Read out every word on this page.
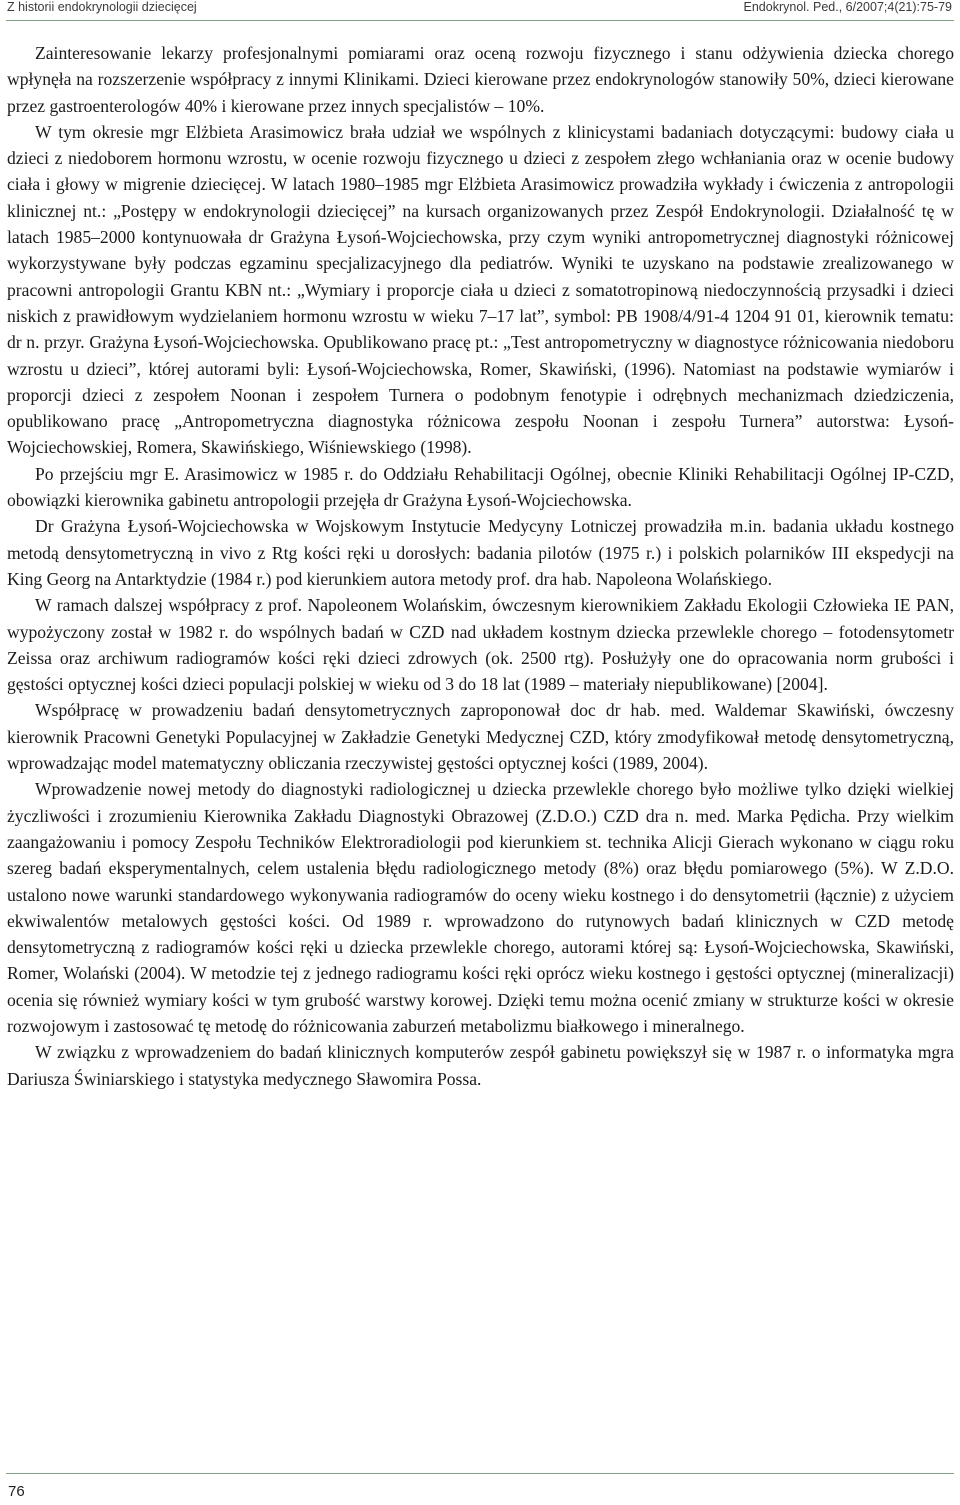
Z historii endokrynologii dziecięcej	Endokrynol. Ped., 6/2007;4(21):75-79

Zainteresowanie lekarzy profesjonalnymi pomiarami oraz oceną rozwoju fizycznego i stanu odżywienia dziecka chorego wpłynęła na rozszerzenie współpracy z innymi Klinikami. Dzieci kierowane przez endokrynologów stanowiły 50%, dzieci kierowane przez gastroenterologów 40% i kierowane przez innych specjalistów – 10%.

W tym okresie mgr Elżbieta Arasimowicz brała udział we wspólnych z klinicystami badaniach dotyczącymi: budowy ciała u dzieci z niedoborem hormonu wzrostu, w ocenie rozwoju fizycznego u dzieci z zespołem złego wchłaniania oraz w ocenie budowy ciała i głowy w migrenie dziecięcej. W latach 1980–1985 mgr Elżbieta Arasimowicz prowadziła wykłady i ćwiczenia z antropologii klinicznej nt.: „Postępy w endokrynologii dziecięcej” na kursach organizowanych przez Zespół Endokrynologii. Działalność tę w latach 1985–2000 kontynuowała dr Grażyna Łysoń-Wojciechowska, przy czym wyniki antropometrycznej diagnostyki różnicowej wykorzystywane były podczas egzaminu specjalizacyjnego dla pediatrów. Wyniki te uzyskano na podstawie zrealizowanego w pracowni antropologii Grantu KBN nt.: „Wymiary i proporcje ciała u dzieci z somatotropinową niedoczynnością przysadki i dzieci niskich z prawidłowym wydzielaniem hormonu wzrostu w wieku 7–17 lat”, symbol: PB 1908/4/91-4 1204 91 01, kierownik tematu: dr n. przyr. Grażyna Łysoń-Wojciechowska. Opublikowano pracę pt.: „Test antropometryczny w diagnostyce różnicowania niedoboru wzrostu u dzieci”, której autorami byli: Łysoń-Wojciechowska, Romer, Skawiński, (1996). Natomiast na podstawie wymiarów i proporcji dzieci z zespołem Noonan i zespołem Turnera o podobnym fenotypie i odrębnych mechanizmach dziedziczenia, opublikowano pracę „Antropometryczna diagnostyka różnicowa zespołu Noonan i zespołu Turnera” autorstwa: Łysoń-Wojciechowskiej, Romera, Skawińskiego, Wiśniewskiego (1998).

Po przejściu mgr E. Arasimowicz w 1985 r. do Oddziału Rehabilitacji Ogólnej, obecnie Kliniki Rehabilitacji Ogólnej IP-CZD, obowiązki kierownika gabinetu antropologii przejęła dr Grażyna Łysoń-Wojciechowska.

Dr Grażyna Łysoń-Wojciechowska w Wojskowym Instytucie Medycyny Lotniczej prowadziła m.in. badania układu kostnego metodą densytometryczną in vivo z Rtg kości ręki u dorosłych: badania pilotów (1975 r.) i polskich polarników III ekspedycji na King Georg na Antarktydzie (1984 r.) pod kierunkiem autora metody prof. dra hab. Napoleona Wolańskiego.

W ramach dalszej współpracy z prof. Napoleonem Wolańskim, ówczesnym kierownikiem Zakładu Ekologii Człowieka IE PAN, wypożyczony został w 1982 r. do wspólnych badań w CZD nad układem kostnym dziecka przewlekle chorego – fotodensytometr Zeissa oraz archiwum radiogramów kości ręki dzieci zdrowych (ok. 2500 rtg). Posłużyły one do opracowania norm grubości i gęstości optycznej kości dzieci populacji polskiej w wieku od 3 do 18 lat (1989 – materiały niepublikowane) [2004].

Współpracę w prowadzeniu badań densytometrycznych zaproponował doc dr hab. med. Waldemar Skawiński, ówczesny kierownik Pracowni Genetyki Populacyjnej w Zakładzie Genetyki Medycznej CZD, który zmodyfikował metodę densytometryczną, wprowadzając model matematyczny obliczania rzeczywistej gęstości optycznej kości (1989, 2004).

Wprowadzenie nowej metody do diagnostyki radiologicznej u dziecka przewlekle chorego było możliwe tylko dzięki wielkiej życzliwości i zrozumieniu Kierownika Zakładu Diagnostyki Obrazowej (Z.D.O.) CZD dra n. med. Marka Pędicha. Przy wielkim zaangażowaniu i pomocy Zespołu Techników Elektroradiologii pod kierunkiem st. technika Alicji Gierach wykonano w ciągu roku szereg badań eksperymentalnych, celem ustalenia błędu radiologicznego metody (8%) oraz błędu pomiarowego (5%). W Z.D.O. ustalono nowe warunki standardowego wykonywania radiogramów do oceny wieku kostnego i do densytometrii (łącznie) z użyciem ekwiwalentów metalowych gęstości kości. Od 1989 r. wprowadzono do rutynowych badań klinicznych w CZD metodę densytometryczną z radiogramów kości ręki u dziecka przewlekle chorego, autorami której są: Łysoń-Wojciechowska, Skawiński, Romer, Wolański (2004). W metodzie tej z jednego radiogramu kości ręki oprócz wieku kostnego i gęstości optycznej (mineralizacji) ocenia się również wymiary kości w tym grubość warstwy korowej. Dzięki temu można ocenić zmiany w strukturze kości w okresie rozwojowym i zastosować tę metodę do różnicowania zaburzeń metabolizmu białkowego i mineralnego.

W związku z wprowadzeniem do badań klinicznych komputerów zespół gabinetu powiększył się w 1987 r. o informatyka mgra Dariusza Świniarskiego i statystyka medycznego Sławomira Possa.

76
